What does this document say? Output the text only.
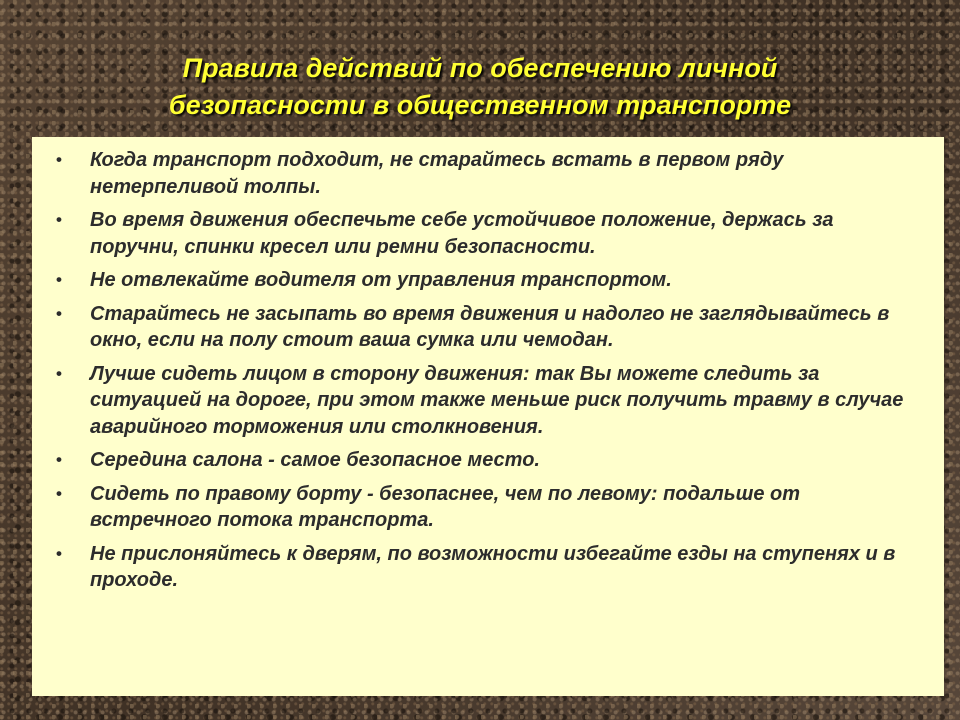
Правила действий по обеспечению личной
безопасности в общественном транспорте
• Когда транспорт подходит, не старайтесь встать в первом ряду нетерпеливой толпы.
• Во время движения обеспечьте себе устойчивое положение, держась за поручни, спинки кресел или ремни безопасности.
• Не отвлекайте водителя от управления транспортом.
• Старайтесь не засыпать во время движения и надолго не заглядывайтесь в окно, если на полу стоит ваша сумка или чемодан.
• Лучше сидеть лицом в сторону движения: так Вы можете следить за ситуацией на дороге, при этом также меньше риск получить травму в случае аварийного торможения или столкновения.
• Середина салона - самое безопасное место.
• Сидеть по правому борту - безопаснее, чем по левому: подальше от встречного потока транспорта.
• Не прислоняйтесь к дверям, по возможности избегайте езды на ступенях и в проходе.
